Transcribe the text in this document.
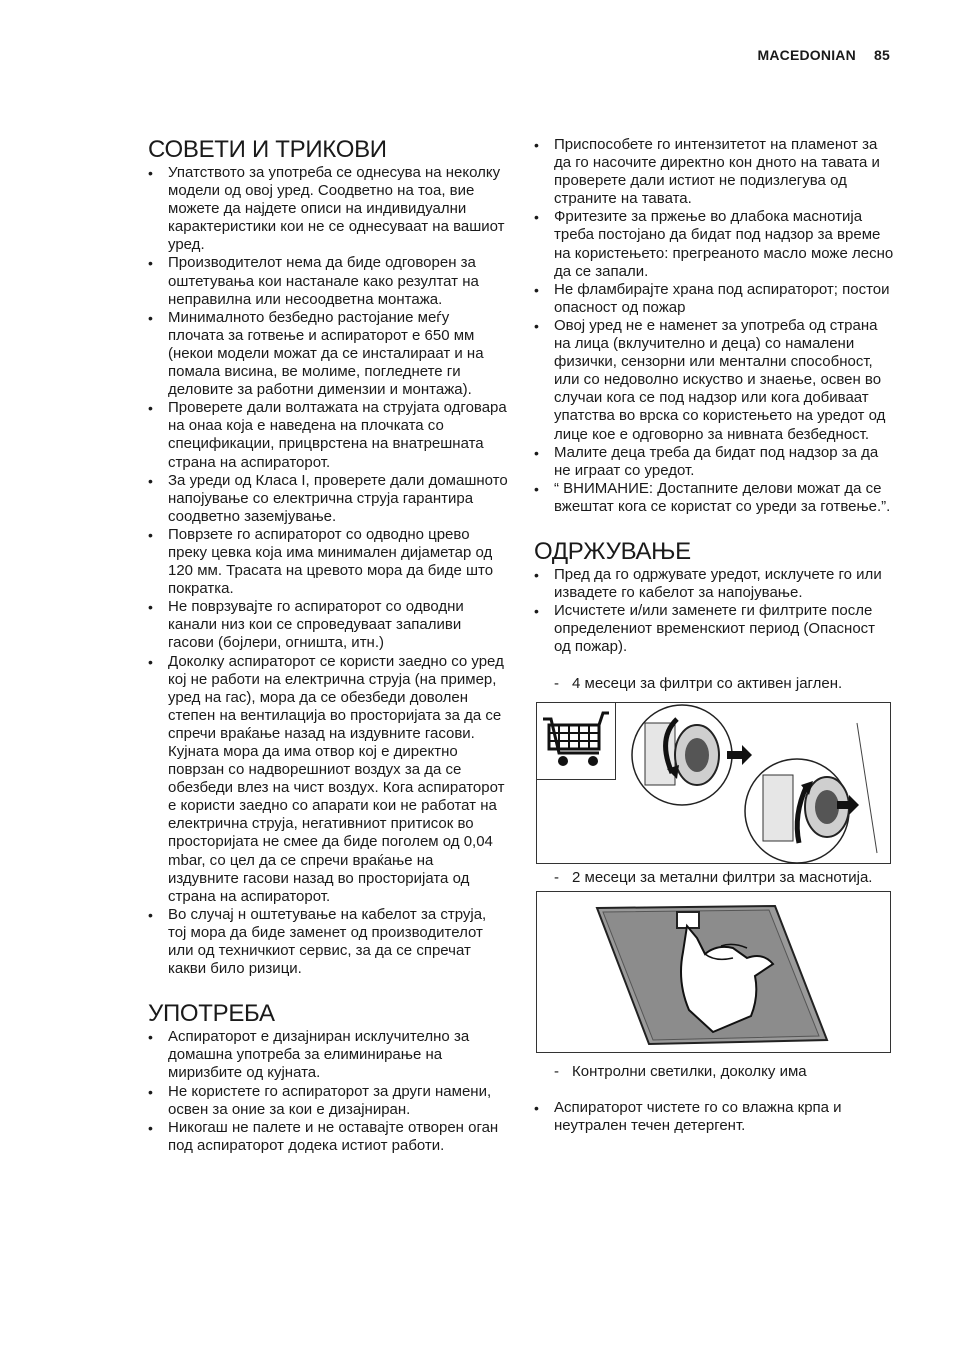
MACEDONIAN 85
СОВЕТИ И ТРИКОВИ
• Упатството за употреба се однесува на неколку модели од овој уред. Соодветно на тоа, вие можете да најдете описи на индивидуални карактеристики кои не се однесуваат на вашиот уред.
• Производителот нема да биде одговорен за оштетувања кои настанале како резултат на неправилна или несоодветна монтажа.
• Минималното безбедно растојание меѓу плочата за готвење и аспираторот е 650 мм (некои модели можат да се инсталираат и на помала висина, ве молиме, погледнете ги деловите за работни димензии и монтажа).
• Проверете дали волтажата на струјата одговара на онаа која е наведена на плочката со спецификации, прицврстена на внатрешната страна на аспираторот.
• За уреди од Класа I, проверете дали домашното напојување со електрична струја гарантира соодветно заземјување.
• Поврзете го аспираторот со одводно црево преку цевка која има минимален дијаметар од 120 мм. Трасата на цревото мора да биде што пократка.
• Не поврзувајте го аспираторот со одводни канали низ кои се спроведуваат запаливи гасови (бојлери, огништа, итн.)
• Доколку аспираторот се користи заедно со уред кој не работи на електрична струја (на пример, уред на гас), мора да се обезбеди доволен степен на вентилација во просторијата за да се спречи враќање назад на издувните гасови. Кујната мора да има отвор кој е директно поврзан со надворешниот воздух за да се обезбеди влез на чист воздух. Кога аспираторот е користи заедно со апарати кои не работат на електрична струја, негативниот притисок во просторијата не смее да биде поголем од 0,04 mbar, со цел да се спречи враќање на издувните гасови назад во просторијата од страна на аспираторот.
• Во случај н оштетување на кабелот за струја, тој мора да биде заменет од производителот или од техничкиот сервис, за да се спречат какви било ризици.
УПОТРЕБА
• Аспираторот е дизајниран исклучително за домашна употреба за елиминирање на миризбите од кујната.
• Не користете го аспираторот за други намени, освен за оние за кои е дизајниран.
• Никогаш не палете и не оставајте отворен оган под аспираторот додека истиот работи.
• Приспособете го интензитетот на пламенот за да го насочите директно кон дното на тавата и проверете дали истиот не подизлегува од страните на тавата.
• Фритезите за пржење во длабока маснотија треба постојано да бидат под надзор за време на користењето: прегреаното масло може лесно да се запали.
• Не фламбирајте храна под аспираторот; постои опасност од пожар
• Овој уред не е наменет за употреба од страна на лица (вклучително и деца) со намалени физички, сензорни или ментални способност, или со недоволно искуство и знаење, освен во случаи кога се под надзор или кога добиваат упатства во врска со користењето на уредот од лице кое е одговорно за нивната безбедност.
• Малите деца треба да бидат под надзор за да не играат со уредот.
• “ ВНИМАНИЕ: Достапните делови можат да се вжештат кога се користат со уреди за готвење.”.
ОДРЖУВАЊЕ
• Пред да го одржувате уредот, исклучете го или извадете го кабелот за напојување.
• Исчистете и/или заменете ги филтрите после определениот временскиот период (Опасност од пожар).
- 4 месеци за филтри со активен јаглен.
- 2 месеци за метални филтри за маснотија.
- Контролни светилки, доколку има
• Аспираторот чистете го со влажна крпа и неутрален течен детергент.
